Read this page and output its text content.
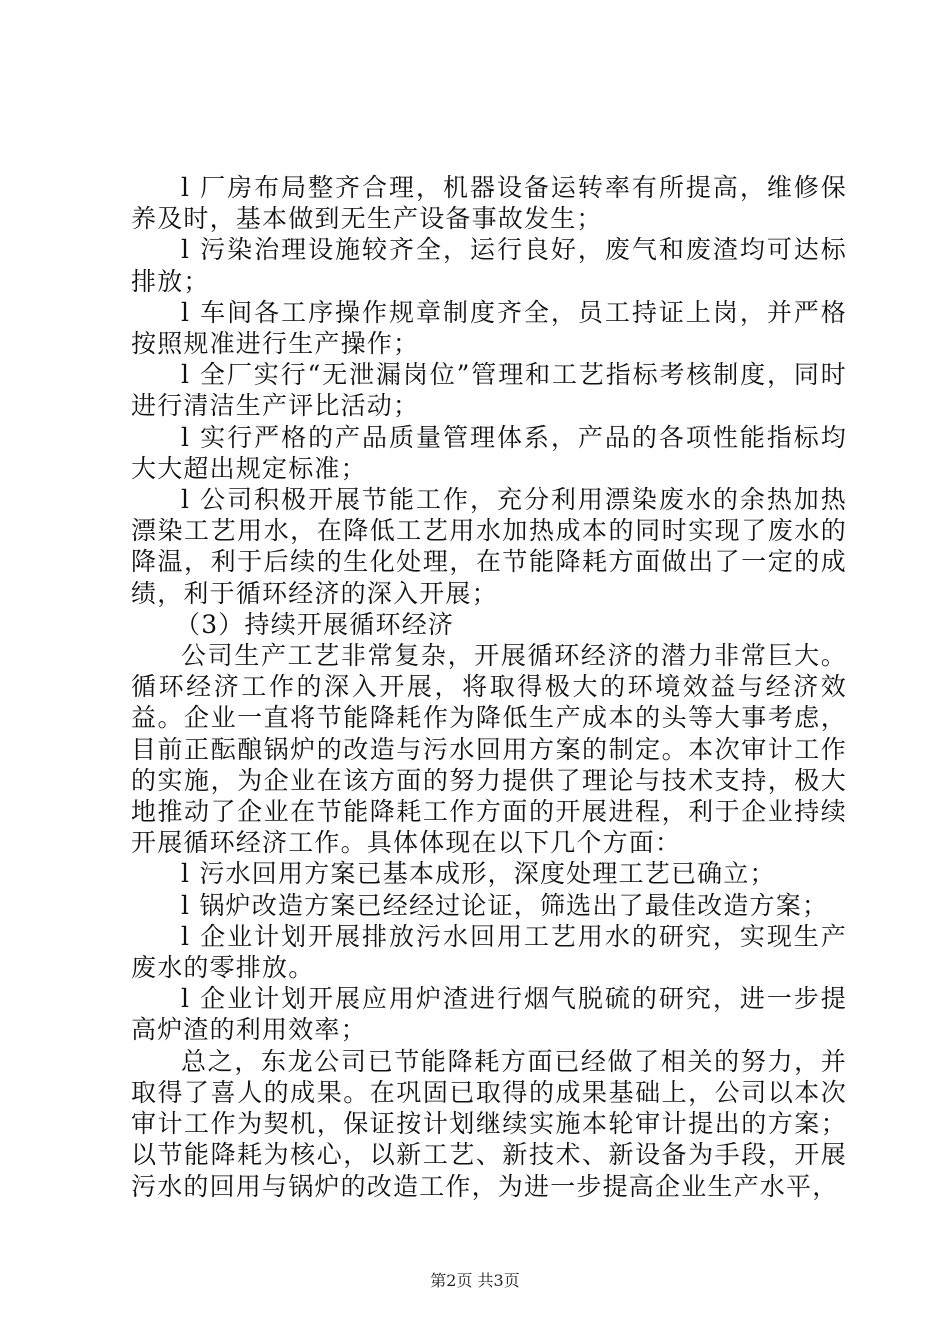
l 厂房布局整齐合理，机器设备运转率有所提高，维修保养及时，基本做到无生产设备事故发生；

l 污染治理设施较齐全，运行良好，废气和废渣均可达标排放；

l 车间各工序操作规章制度齐全，员工持证上岗，并严格按照规准进行生产操作；

l 全厂实行“无泄漏岗位”管理和工艺指标考核制度，同时进行清洁生产评比活动；

l 实行严格的产品质量管理体系，产品的各项性能指标均大大超出规定标准；

l 公司积极开展节能工作，充分利用漂染废水的余热加热漂染工艺用水，在降低工艺用水加热成本的同时实现了废水的降温，利于后续的生化处理，在节能降耗方面做出了一定的成绩，利于循环经济的深入开展；

（3）持续开展循环经济

公司生产工艺非常复杂，开展循环经济的潜力非常巨大。循环经济工作的深入开展，将取得极大的环境效益与经济效益。企业一直将节能降耗作为降低生产成本的头等大事考虑，目前正酝酿锅炉的改造与污水回用方案的制定。本次审计工作的实施，为企业在该方面的努力提供了理论与技术支持，极大地推动了企业在节能降耗工作方面的开展进程，利于企业持续开展循环经济工作。具体体现在以下几个方面：

l 污水回用方案已基本成形，深度处理工艺已确立；

l 锅炉改造方案已经经过论证，筛选出了最佳改造方案；

l 企业计划开展排放污水回用工艺用水的研究，实现生产废水的零排放。

l 企业计划开展应用炉渣进行烟气脱硫的研究，进一步提高炉渣的利用效率；

总之，东龙公司已节能降耗方面已经做了相关的努力，并取得了喜人的成果。在巩固已取得的成果基础上，公司以本次审计工作为契机，保证按计划继续实施本轮审计提出的方案；以节能降耗为核心，以新工艺、新技术、新设备为手段，开展污水的回用与锅炉的改造工作，为进一步提高企业生产水平，

第2页 共3页
